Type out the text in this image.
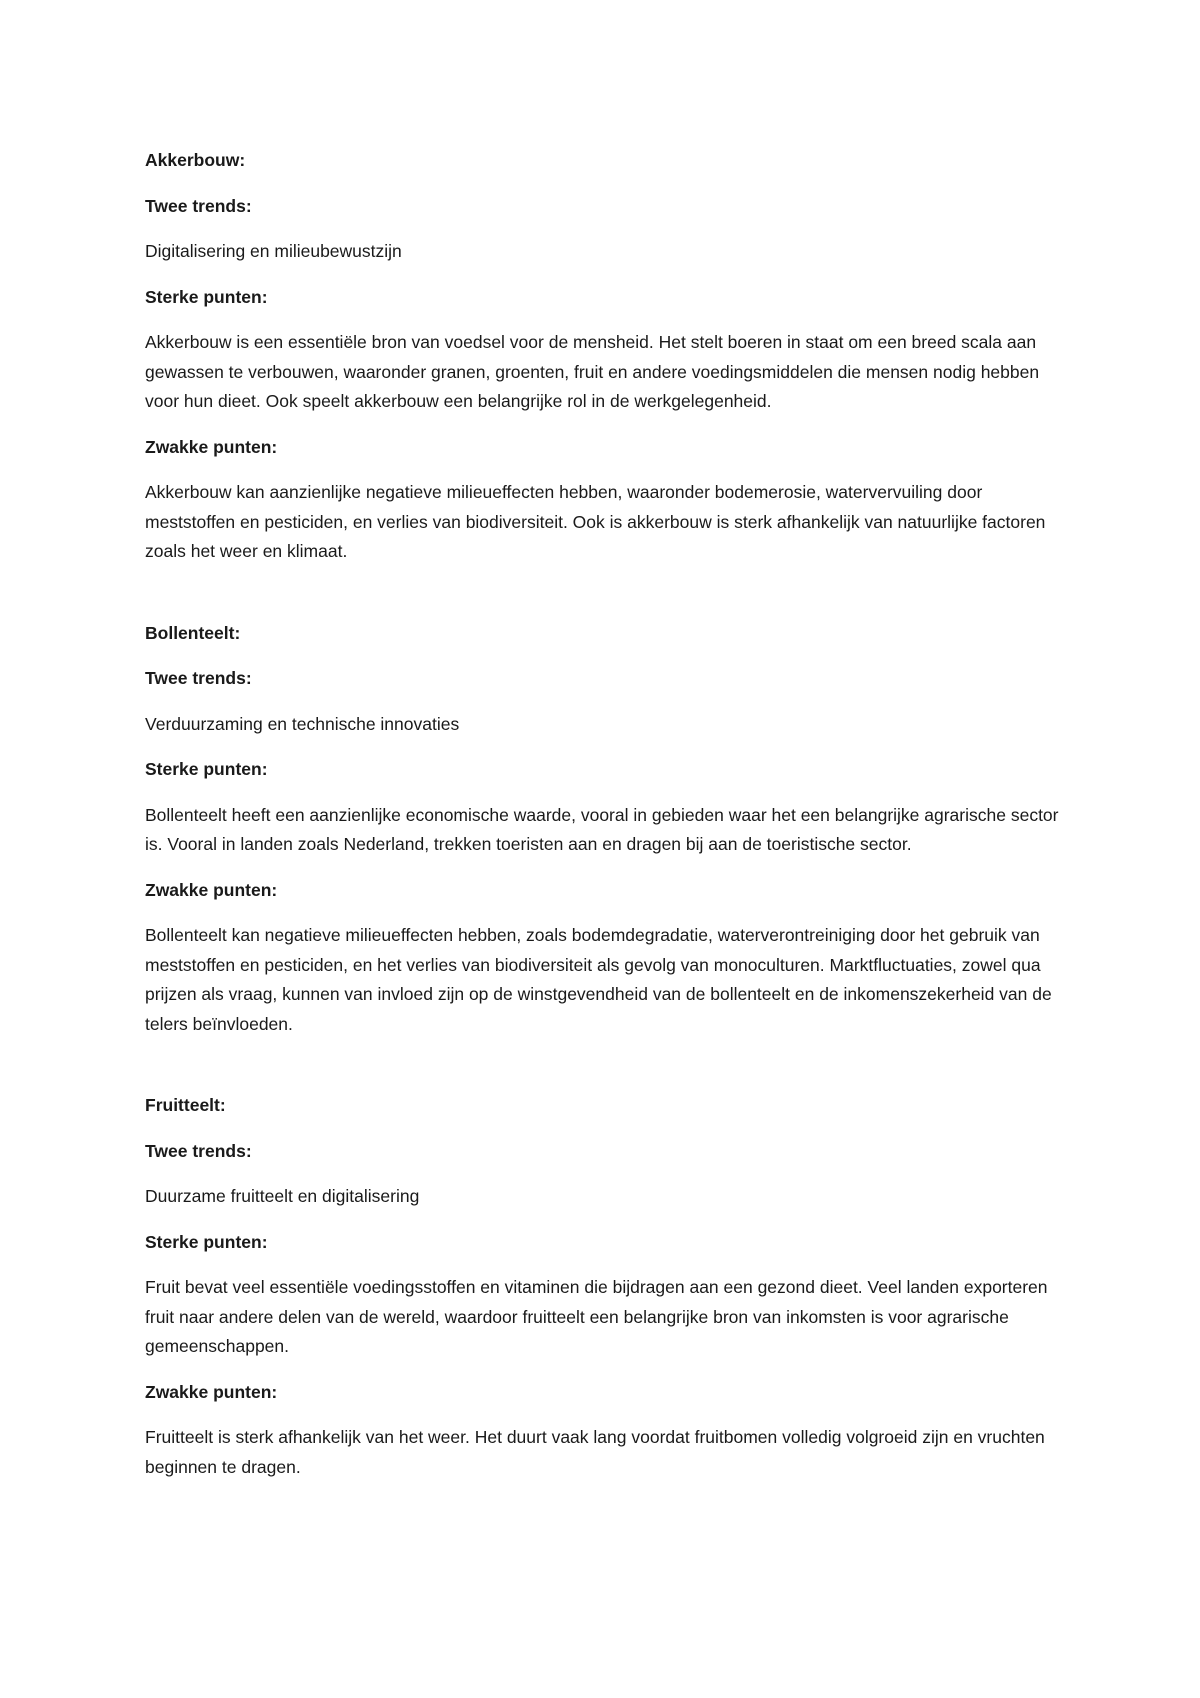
Akkerbouw:

Twee trends:

Digitalisering en milieubewustzijn

Sterke punten:

Akkerbouw is een essentiële bron van voedsel voor de mensheid. Het stelt boeren in staat om een breed scala aan gewassen te verbouwen, waaronder granen, groenten, fruit en andere voedingsmiddelen die mensen nodig hebben voor hun dieet. Ook speelt akkerbouw een belangrijke rol in de werkgelegenheid.

Zwakke punten:

Akkerbouw kan aanzienlijke negatieve milieueffecten hebben, waaronder bodemerosie, watervervuiling door meststoffen en pesticiden, en verlies van biodiversiteit. Ook is akkerbouw is sterk afhankelijk van natuurlijke factoren zoals het weer en klimaat.

Bollenteelt:

Twee trends:

Verduurzaming en technische innovaties

Sterke punten:

Bollenteelt heeft een aanzienlijke economische waarde, vooral in gebieden waar het een belangrijke agrarische sector is. Vooral in landen zoals Nederland, trekken toeristen aan en dragen bij aan de toeristische sector.

Zwakke punten:

Bollenteelt kan negatieve milieueffecten hebben, zoals bodemdegradatie, waterverontreiniging door het gebruik van meststoffen en pesticiden, en het verlies van biodiversiteit als gevolg van monoculturen. Marktfluctuaties, zowel qua prijzen als vraag, kunnen van invloed zijn op de winstgevendheid van de bollenteelt en de inkomenszekerheid van de telers beïnvloeden.

Fruitteelt:

Twee trends:

Duurzame fruitteelt en digitalisering

Sterke punten:

Fruit bevat veel essentiële voedingsstoffen en vitaminen die bijdragen aan een gezond dieet. Veel landen exporteren fruit naar andere delen van de wereld, waardoor fruitteelt een belangrijke bron van inkomsten is voor agrarische gemeenschappen.

Zwakke punten:

Fruitteelt is sterk afhankelijk van het weer. Het duurt vaak lang voordat fruitbomen volledig volgroeid zijn en vruchten beginnen te dragen.
